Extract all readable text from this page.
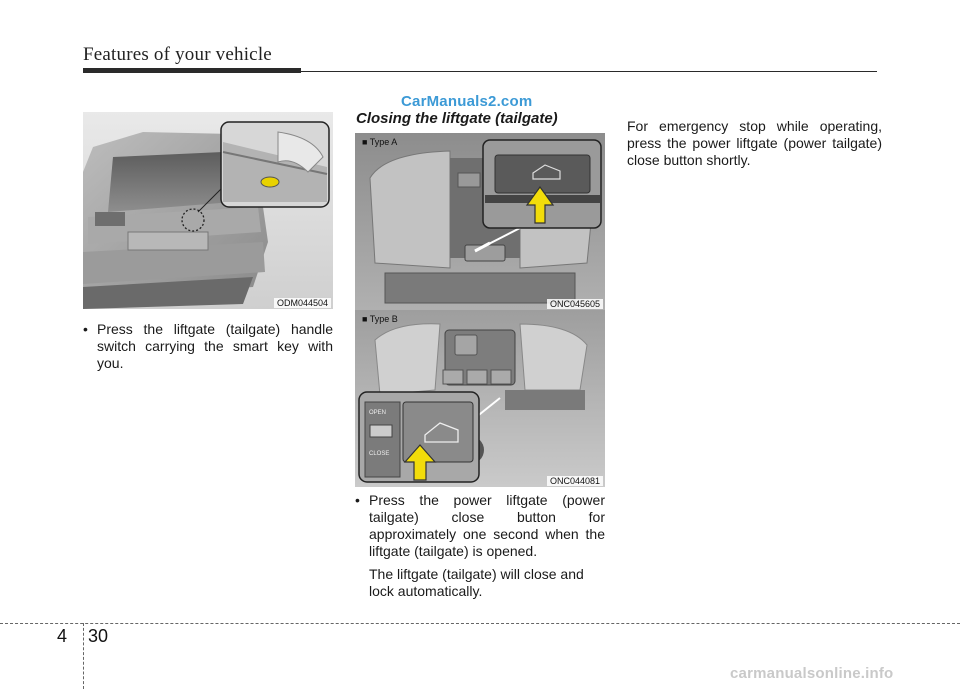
Features of your vehicle
CarManuals2.com
ODM044504
• Press the liftgate (tailgate) handle switch carrying the smart key with you.
Closing the liftgate (tailgate)
■ Type A
ONC045605
OPEN
CLOSE
■ Type B
ONC044081
• Press the power liftgate (power tailgate) close button for approximately one second when the liftgate (tailgate) is opened.
The liftgate (tailgate) will close and lock automatically.
For emergency stop while operating, press the power liftgate (power tailgate) close button shortly.
4 30
carmanualsonline.info
